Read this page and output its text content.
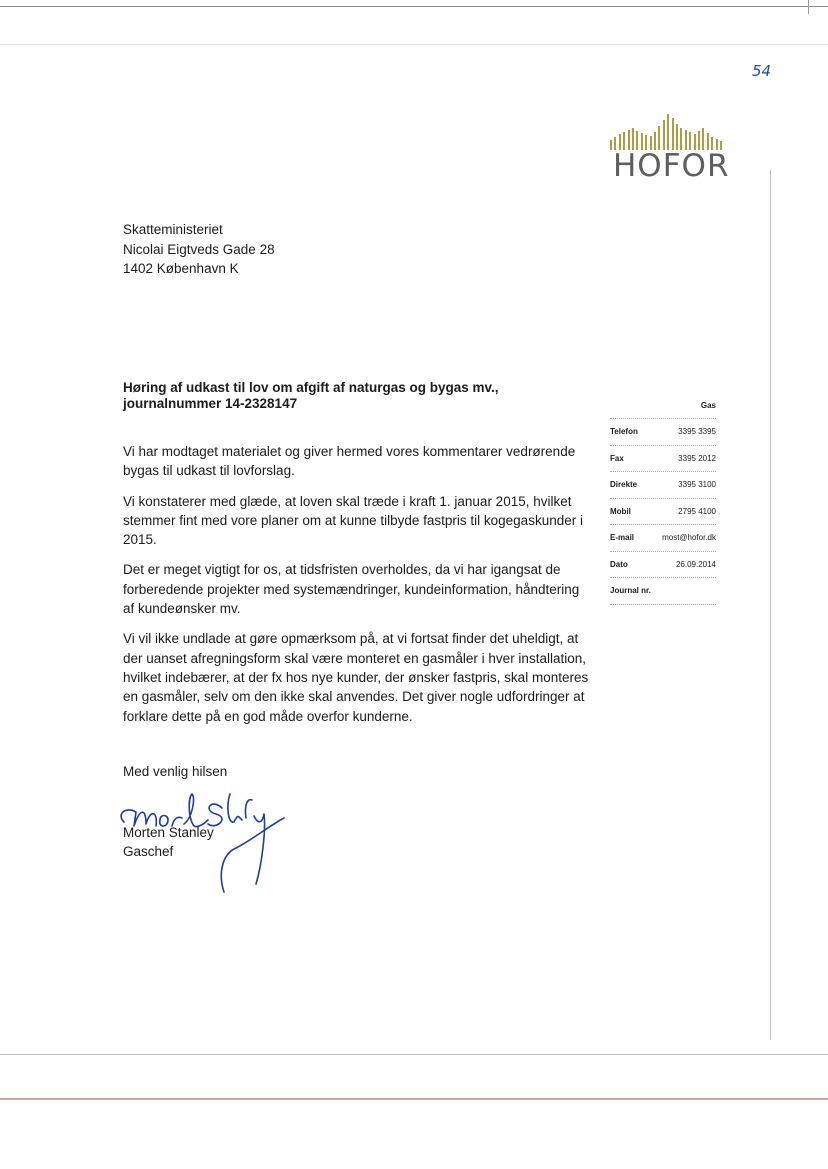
54
HOFOR
Skatteministeriet
Nicolai Eigtveds Gade 28
1402 København K
Høring af udkast til lov om afgift af naturgas og bygas mv.,
journalnummer 14-2328147

Vi har modtaget materialet og giver hermed vores kommentarer vedrørende bygas til udkast til lovforslag.

Vi konstaterer med glæde, at loven skal træde i kraft 1. januar 2015, hvilket stemmer fint med vore planer om at kunne tilbyde fastpris til kogegaskunder i 2015.

Det er meget vigtigt for os, at tidsfristen overholdes, da vi har igangsat de forberedende projekter med systemændringer, kundeinformation, håndtering af kundeønsker mv.

Vi vil ikke undlade at gøre opmærksom på, at vi fortsat finder det uheldigt, at der uanset afregningsform skal være monteret en gasmåler i hver installation, hvilket indebærer, at der fx hos nye kunder, der ønsker fastpris, skal monteres en gasmåler, selv om den ikke skal anvendes. Det giver nogle udfordringer at forklare dette på en god måde overfor kunderne.

Med venlig hilsen
Morten Stanley
Gaschef
Gas
Telefon	3395 3395
Fax	3395 2012
Direkte	3395 3100
Mobil	2795 4100
E-mail	most@hofor.dk
Dato	26.09.2014
Journal nr.
